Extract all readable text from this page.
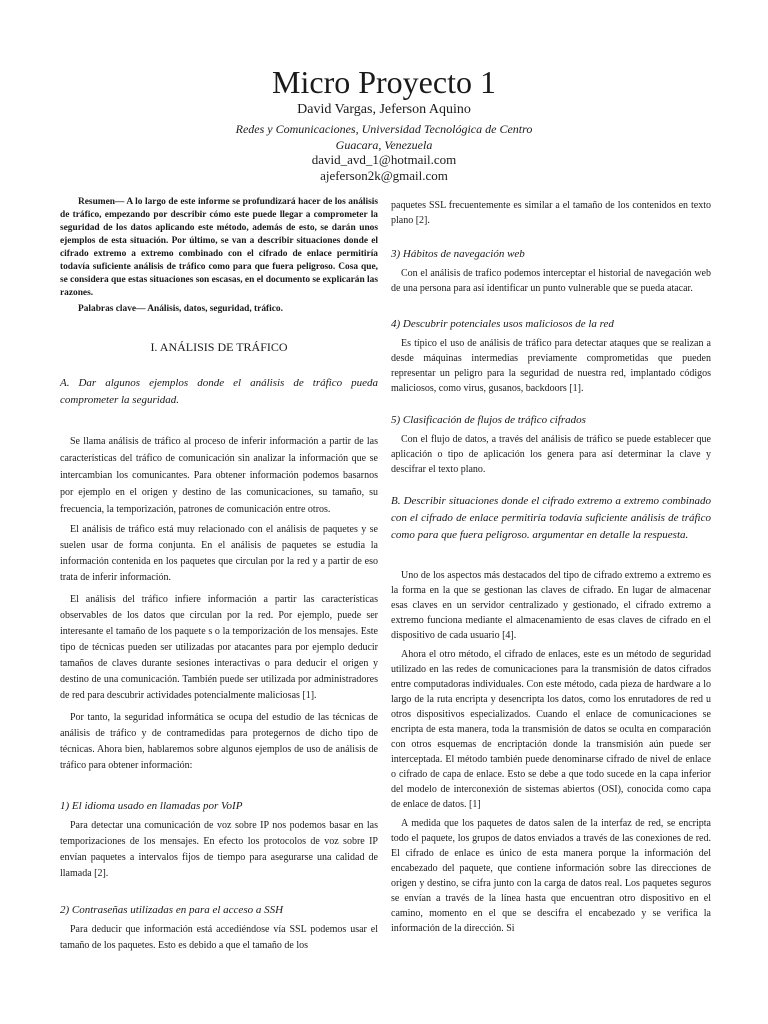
Micro Proyecto 1
David Vargas, Jeferson Aquino
Redes y Comunicaciones, Universidad Tecnológica de Centro
Guacara, Venezuela
david_avd_1@hotmail.com
ajeferson2k@gmail.com

Resumen— A lo largo de este informe se profundizará hacer de los análisis de tráfico, empezando por describir cómo este puede llegar a comprometer la seguridad de los datos aplicando este método, además de esto, se darán unos ejemplos de esta situación. Por último, se van a describir situaciones donde el cifrado extremo a extremo combinado con el cifrado de enlace permitiría todavía suficiente análisis de tráfico como para que fuera peligroso. Cosa que, se considera que estas situaciones son escasas, en el documento se explicarán las razones.

Palabras clave— Análisis, datos, seguridad, tráfico.

I. ANÁLISIS DE TRÁFICO

A. Dar algunos ejemplos donde el análisis de tráfico pueda comprometer la seguridad.

Se llama análisis de tráfico al proceso de inferir información a partir de las características del tráfico de comunicación sin analizar la información que se intercambian los comunicantes. Para obtener información podemos basarnos por ejemplo en el origen y destino de las comunicaciones, su tamaño, su frecuencia, la temporización, patrones de comunicación entre otros.

El análisis de tráfico está muy relacionado con el análisis de paquetes y se suelen usar de forma conjunta. En el análisis de paquetes se estudia la información contenida en los paquetes que circulan por la red y a partir de eso trata de inferir información.

El análisis del tráfico infiere información a partir las características observables de los datos que circulan por la red. Por ejemplo, puede ser interesante el tamaño de los paquete s o la temporización de los mensajes. Este tipo de técnicas pueden ser utilizadas por atacantes para por ejemplo deducir tamaños de claves durante sesiones interactivas o para deducir el origen y destino de una comunicación. También puede ser utilizada por administradores de red para descubrir actividades potencialmente maliciosas [1].

Por tanto, la seguridad informática se ocupa del estudio de las técnicas de análisis de tráfico y de contramedidas para protegernos de dicho tipo de técnicas. Ahora bien, hablaremos sobre algunos ejemplos de uso de análisis de tráfico para obtener información:

1) El idioma usado en llamadas por VoIP

Para detectar una comunicación de voz sobre IP nos podemos basar en las temporizaciones de los mensajes. En efecto los protocolos de voz sobre IP envían paquetes a intervalos fijos de tiempo para asegurarse una calidad de llamada [2].

2) Contraseñas utilizadas en para el acceso a SSH

Para deducir que información está accediéndose vía SSL podemos usar el tamaño de los paquetes. Esto es debido a que el tamaño de los

paquetes SSL frecuentemente es similar a el tamaño de los contenidos en texto plano [2].

3) Hábitos de navegación web

Con el análisis de trafico podemos interceptar el historial de navegación web de una persona para así identificar un punto vulnerable que se pueda atacar.

4) Descubrir potenciales usos maliciosos de la red

Es típico el uso de análisis de tráfico para detectar ataques que se realizan a desde máquinas intermedias previamente comprometidas que pueden representar un peligro para la seguridad de nuestra red, implantado códigos maliciosos, como virus, gusanos, backdoors [1].

5) Clasificación de flujos de tráfico cifrados

Con el flujo de datos, a través del análisis de tráfico se puede establecer que aplicación o tipo de aplicación los genera para así determinar la clave y descifrar el texto plano.

B. Describir situaciones donde el cifrado extremo a extremo combinado con el cifrado de enlace permitiría todavía suficiente análisis de tráfico como para que fuera peligroso. argumentar en detalle la respuesta.

Uno de los aspectos más destacados del tipo de cifrado extremo a extremo es la forma en la que se gestionan las claves de cifrado. En lugar de almacenar esas claves en un servidor centralizado y gestionado, el cifrado extremo a extremo funciona mediante el almacenamiento de esas claves de cifrado en el dispositivo de cada usuario [4].

Ahora el otro método, el cifrado de enlaces, este es un método de seguridad utilizado en las redes de comunicaciones para la transmisión de datos cifrados entre computadoras individuales. Con este método, cada pieza de hardware a lo largo de la ruta encripta y desencripta los datos, como los enrutadores de red u otros dispositivos especializados. Cuando el enlace de comunicaciones se encripta de esta manera, toda la transmisión de datos se oculta en comparación con otros esquemas de encriptación donde la transmisión aún puede ser interceptada. El método también puede denominarse cifrado de nivel de enlace o cifrado de capa de enlace. Esto se debe a que todo sucede en la capa inferior del modelo de interconexión de sistemas abiertos (OSI), conocida como capa de enlace de datos. [1]

A medida que los paquetes de datos salen de la interfaz de red, se encripta todo el paquete, los grupos de datos enviados a través de las conexiones de red. El cifrado de enlace es único de esta manera porque la información del encabezado del paquete, que contiene información sobre las direcciones de origen y destino, se cifra junto con la carga de datos real. Los paquetes seguros se envían a través de la línea hasta que encuentran otro dispositivo en el camino, momento en el que se descifra el encabezado y se verifica la información de la dirección. Si
